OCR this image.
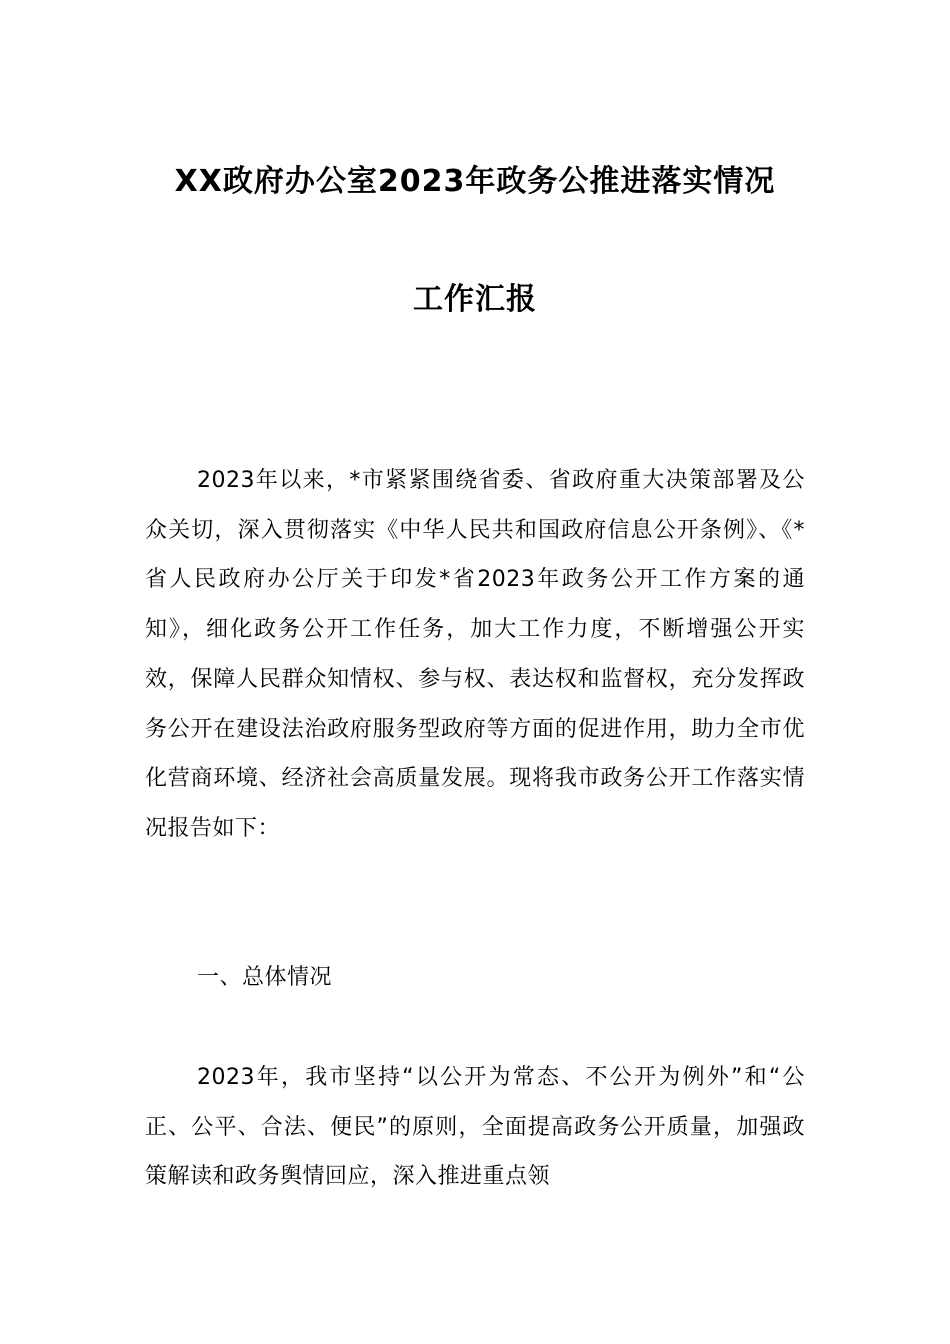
XX政府办公室2023年政务公推进落实情况
工作汇报

2023年以来，*市紧紧围绕省委、省政府重大决策部署及公众关切，深入贯彻落实《中华人民共和国政府信息公开条例》、《*省人民政府办公厅关于印发*省2023年政务公开工作方案的通知》，细化政务公开工作任务，加大工作力度，不断增强公开实效，保障人民群众知情权、参与权、表达权和监督权，充分发挥政务公开在建设法治政府服务型政府等方面的促进作用，助力全市优化营商环境、经济社会高质量发展。现将我市政务公开工作落实情况报告如下：

一、总体情况

2023年，我市坚持“以公开为常态、不公开为例外”和“公正、公平、合法、便民”的原则，全面提高政务公开质量，加强政策解读和政务舆情回应，深入推进重点领
